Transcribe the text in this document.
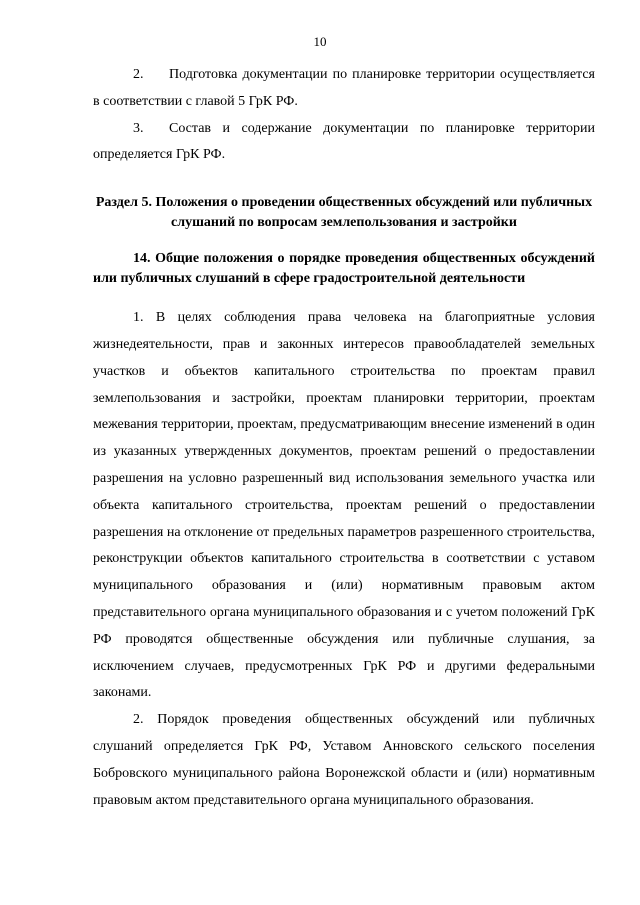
10

2. Подготовка документации по планировке территории осуществляется в соответствии с главой 5 ГрК РФ.

3. Состав и содержание документации по планировке территории определяется ГрК РФ.

Раздел 5. Положения о проведении общественных обсуждений или публичных слушаний по вопросам землепользования и застройки
14. Общие положения о порядке проведения общественных обсуждений или публичных слушаний в сфере градостроительной деятельности

1. В целях соблюдения права человека на благоприятные условия жизнедеятельности, прав и законных интересов правообладателей земельных участков и объектов капитального строительства по проектам правил землепользования и застройки, проектам планировки территории, проектам межевания территории, проектам, предусматривающим внесение изменений в один из указанных утвержденных документов, проектам решений о предоставлении разрешения на условно разрешенный вид использования земельного участка или объекта капитального строительства, проектам решений о предоставлении разрешения на отклонение от предельных параметров разрешенного строительства, реконструкции объектов капитального строительства в соответствии с уставом муниципального образования и (или) нормативным правовым актом представительного органа муниципального образования и с учетом положений ГрК РФ проводятся общественные обсуждения или публичные слушания, за исключением случаев, предусмотренных ГрК РФ и другими федеральными законами.

2. Порядок проведения общественных обсуждений или публичных слушаний определяется ГрК РФ, Уставом Анновского сельского поселения Бобровского муниципального района Воронежской области и (или) нормативным правовым актом представительного органа муниципального образования.
